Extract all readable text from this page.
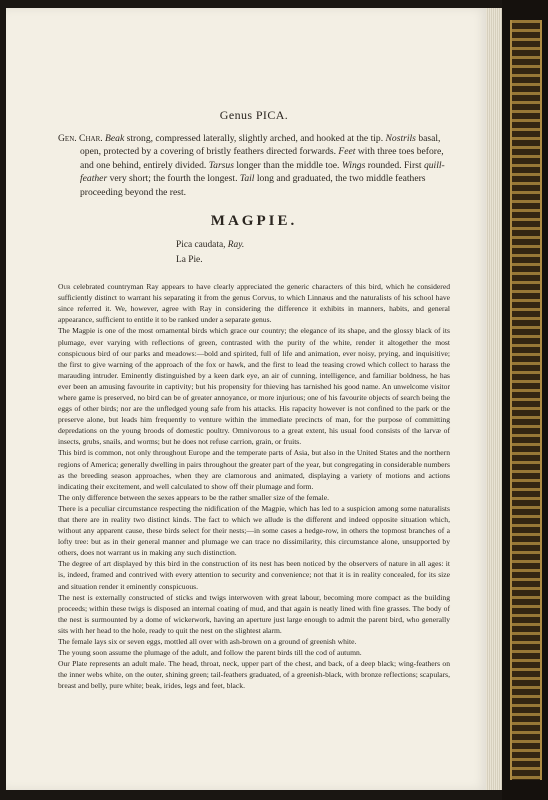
Genus PICA.
Gen. Char. Beak strong, compressed laterally, slightly arched, and hooked at the tip. Nostrils basal, open, protected by a covering of bristly feathers directed forwards. Feet with three toes before, and one behind, entirely divided. Tarsus longer than the middle toe. Wings rounded. First quill-feather very short; the fourth the longest. Tail long and graduated, the two middle feathers proceeding beyond the rest.
MAGPIE.
Pica caudata, Ray.
La Pie.

Our celebrated countryman Ray appears to have clearly appreciated the generic characters of this bird, which he considered sufficiently distinct to warrant his separating it from the genus Corvus, to which Linnæus and the naturalists of his school have since referred it. We, however, agree with Ray in considering the difference it exhibits in manners, habits, and general appearance, sufficient to entitle it to be ranked under a separate genus.

The Magpie is one of the most ornamental birds which grace our country; the elegance of its shape, and the glossy black of its plumage, ever varying with reflections of green, contrasted with the purity of the white, render it altogether the most conspicuous bird of our parks and meadows:—bold and spirited, full of life and animation, ever noisy, prying, and inquisitive; the first to give warning of the approach of the fox or hawk, and the first to lead the teasing crowd which collect to harass the marauding intruder. Eminently distinguished by a keen dark eye, an air of cunning, intelligence, and familiar boldness, he has ever been an amusing favourite in captivity; but his propensity for thieving has tarnished his good name. An unwelcome visitor where game is preserved, no bird can be of greater annoyance, or more injurious; one of his favourite objects of search being the eggs of other birds; nor are the unfledged young safe from his attacks. His rapacity however is not confined to the park or the preserve alone, but leads him frequently to venture within the immediate precincts of man, for the purpose of committing depredations on the young broods of domestic poultry. Omnivorous to a great extent, his usual food consists of the larvæ of insects, grubs, snails, and worms; but he does not refuse carrion, grain, or fruits.

This bird is common, not only throughout Europe and the temperate parts of Asia, but also in the United States and the northern regions of America; generally dwelling in pairs throughout the greater part of the year, but congregating in considerable numbers as the breeding season approaches, when they are clamorous and animated, displaying a variety of motions and actions indicating their excitement, and well calculated to show off their plumage and form.

The only difference between the sexes appears to be the rather smaller size of the female.

There is a peculiar circumstance respecting the nidification of the Magpie, which has led to a suspicion among some naturalists that there are in reality two distinct kinds. The fact to which we allude is the different and indeed opposite situation which, without any apparent cause, these birds select for their nests;—in some cases a hedge-row, in others the topmost branches of a lofty tree: but as in their general manner and plumage we can trace no dissimilarity, this circumstance alone, unsupported by others, does not warrant us in making any such distinction.

The degree of art displayed by this bird in the construction of its nest has been noticed by the observers of nature in all ages: it is, indeed, framed and contrived with every attention to security and convenience; not that it is in reality concealed, for its size and situation render it eminently conspicuous.

The nest is externally constructed of sticks and twigs interwoven with great labour, becoming more compact as the building proceeds; within these twigs is disposed an internal coating of mud, and that again is neatly lined with fine grasses. The body of the nest is surmounted by a dome of wickerwork, having an aperture just large enough to admit the parent bird, who generally sits with her head to the hole, ready to quit the nest on the slightest alarm.

The female lays six or seven eggs, mottled all over with ash-brown on a ground of greenish white.

The young soon assume the plumage of the adult, and follow the parent birds till the cod of autumn.

Our Plate represents an adult male. The head, throat, neck, upper part of the chest, and back, of a deep black; wing-feathers on the inner webs white, on the outer, shining green; tail-feathers graduated, of a greenish-black, with bronze reflections; scapulars, breast and belly, pure white; beak, irides, legs and feet, black.
